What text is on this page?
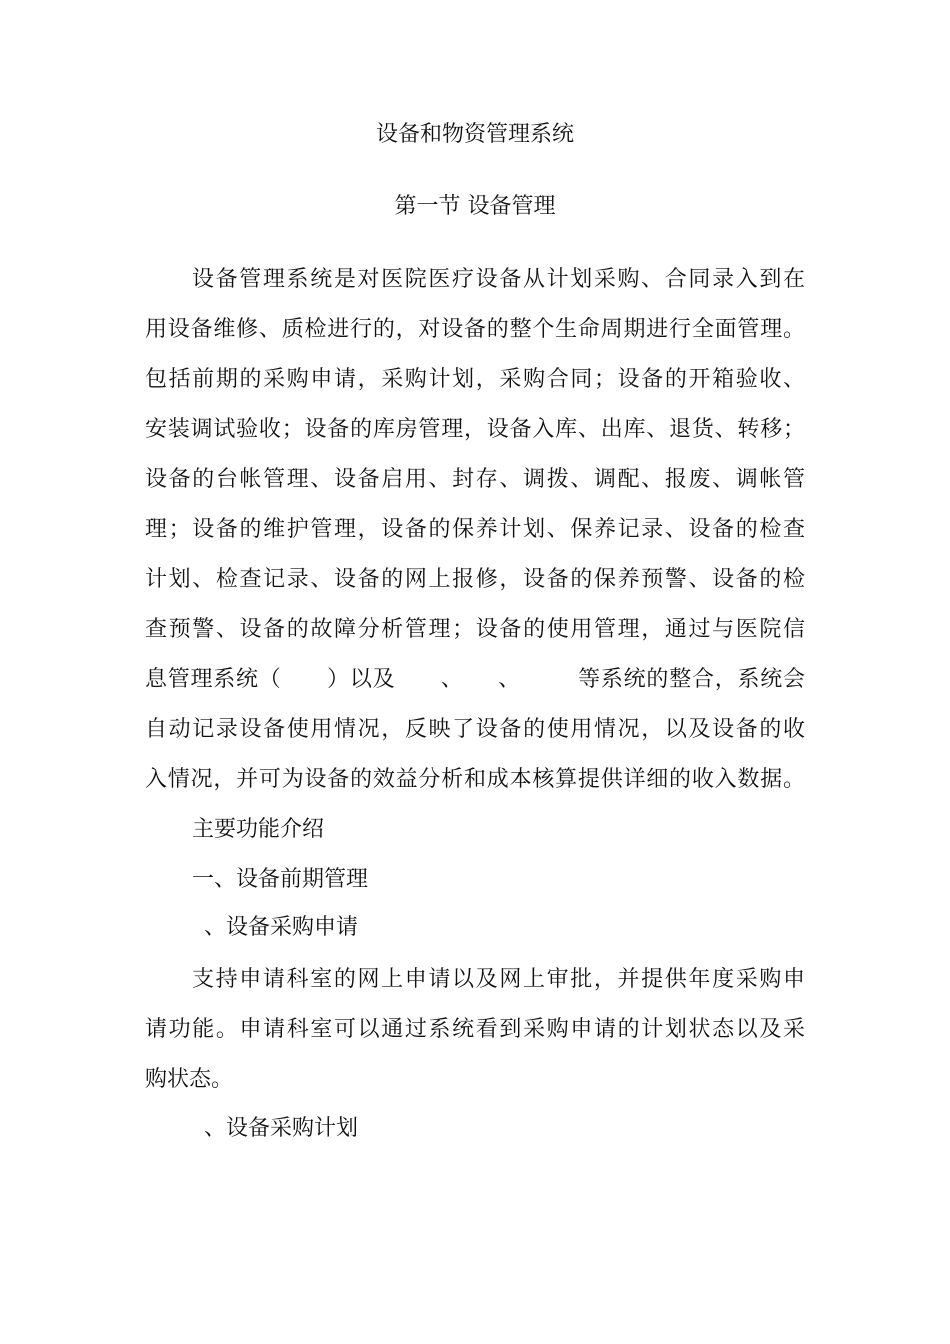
设备和物资管理系统
第一节 设备管理

设备管理系统是对医院医疗设备从计划采购、合同录入到在

用设备维修、质检进行的，对设备的整个生命周期进行全面管理。

包括前期的采购申请，采购计划，采购合同；设备的开箱验收、

安装调试验收；设备的库房管理，设备入库、出库、退货、转移；

设备的台帐管理、设备启用、封存、调拨、调配、报废、调帐管

理；设备的维护管理，设备的保养计划、保养记录、设备的检查

计划、检查记录、设备的网上报修，设备的保养预警、设备的检

查预警、设备的故障分析管理；设备的使用管理，通过与医院信

息管理系统（　　）以及　　、　　、　　　等系统的整合，系统会

自动记录设备使用情况，反映了设备的使用情况，以及设备的收

入情况，并可为设备的效益分析和成本核算提供详细的收入数据。

主要功能介绍

一、设备前期管理

、设备采购申请

支持申请科室的网上申请以及网上审批，并提供年度采购申

请功能。申请科室可以通过系统看到采购申请的计划状态以及采

购状态。

、设备采购计划
